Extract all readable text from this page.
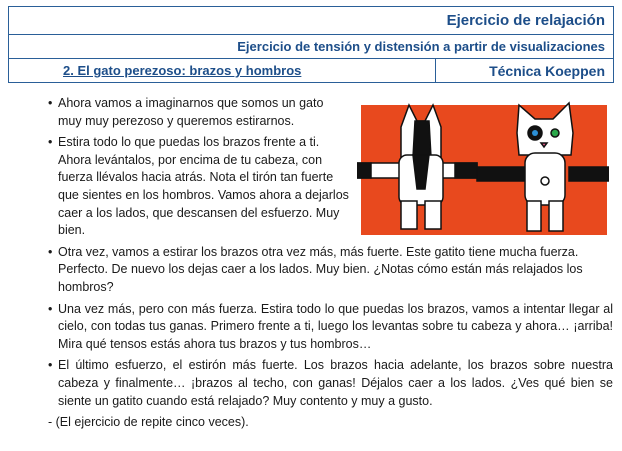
Ejercicio de relajación
Ejercicio de tensión y distensión a partir de visualizaciones
2. El gato perezoso: brazos y hombros	Técnica Koeppen

• Ahora vamos a imaginarnos que somos un gato muy muy perezoso y queremos estirarnos.

• Estira todo lo que puedas los brazos frente a ti. Ahora levántalos, por encima de tu cabeza, con fuerza llévalos hacia atrás. Nota el tirón tan fuerte que sientes en los hombros. Vamos ahora a dejarlos caer a los lados, que descansen del esfuerzo. Muy bien.

• Otra vez, vamos a estirar los brazos otra vez más, más fuerte. Este gatito tiene mucha fuerza. Perfecto. De nuevo los dejas caer a los lados. Muy bien. ¿Notas cómo están más relajados los hombros?

• Una vez más, pero con más fuerza. Estira todo lo que puedas los brazos, vamos a intentar llegar al cielo, con todas tus ganas. Primero frente a ti, luego los levantas sobre tu cabeza y ahora… ¡arriba! Mira qué tensos estás ahora tus brazos y tus hombros…

• El último esfuerzo, el estirón más fuerte. Los brazos hacia adelante, los brazos sobre nuestra cabeza y finalmente… ¡brazos al techo, con ganas! Déjalos caer a los lados. ¿Ves qué bien se siente un gatito cuando está relajado? Muy contento y muy a gusto.

- (El ejercicio de repite cinco veces).
